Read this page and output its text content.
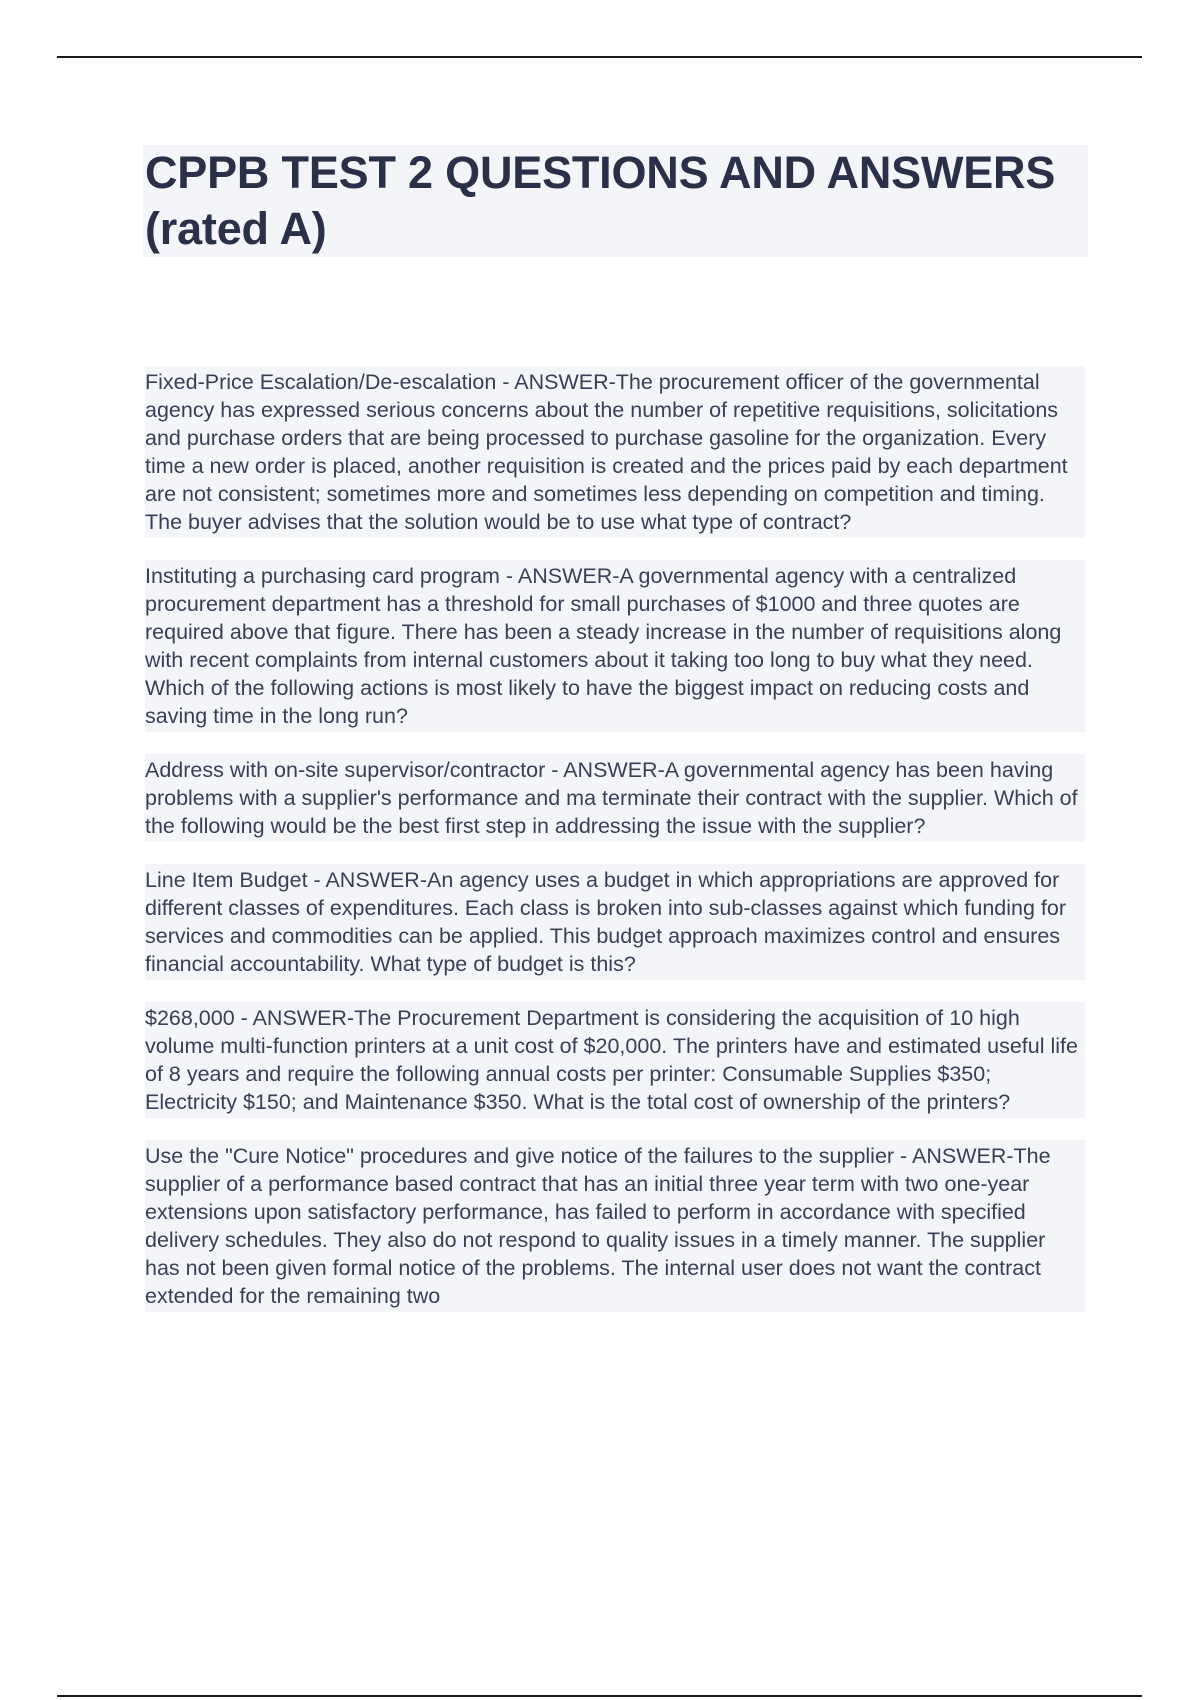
CPPB TEST 2 QUESTIONS AND ANSWERS (rated A)

Fixed-Price Escalation/De-escalation - ANSWER-The procurement officer of the governmental agency has expressed serious concerns about the number of repetitive requisitions, solicitations and purchase orders that are being processed to purchase gasoline for the organization. Every time a new order is placed, another requisition is created and the prices paid by each department are not consistent; sometimes more and sometimes less depending on competition and timing. The buyer advises that the solution would be to use what type of contract?

Instituting a purchasing card program - ANSWER-A governmental agency with a centralized procurement department has a threshold for small purchases of $1000 and three quotes are required above that figure. There has been a steady increase in the number of requisitions along with recent complaints from internal customers about it taking too long to buy what they need. Which of the following actions is most likely to have the biggest impact on reducing costs and saving time in the long run?

Address with on-site supervisor/contractor - ANSWER-A governmental agency has been having problems with a supplier's performance and ma terminate their contract with the supplier. Which of the following would be the best first step in addressing the issue with the supplier?

Line Item Budget - ANSWER-An agency uses a budget in which appropriations are approved for different classes of expenditures. Each class is broken into sub-classes against which funding for services and commodities can be applied. This budget approach maximizes control and ensures financial accountability. What type of budget is this?

$268,000 - ANSWER-The Procurement Department is considering the acquisition of 10 high volume multi-function printers at a unit cost of $20,000. The printers have and estimated useful life of 8 years and require the following annual costs per printer: Consumable Supplies $350; Electricity $150; and Maintenance $350. What is the total cost of ownership of the printers?

Use the "Cure Notice" procedures and give notice of the failures to the supplier - ANSWER-The supplier of a performance based contract that has an initial three year term with two one-year extensions upon satisfactory performance, has failed to perform in accordance with specified delivery schedules. They also do not respond to quality issues in a timely manner. The supplier has not been given formal notice of the problems. The internal user does not want the contract extended for the remaining two
